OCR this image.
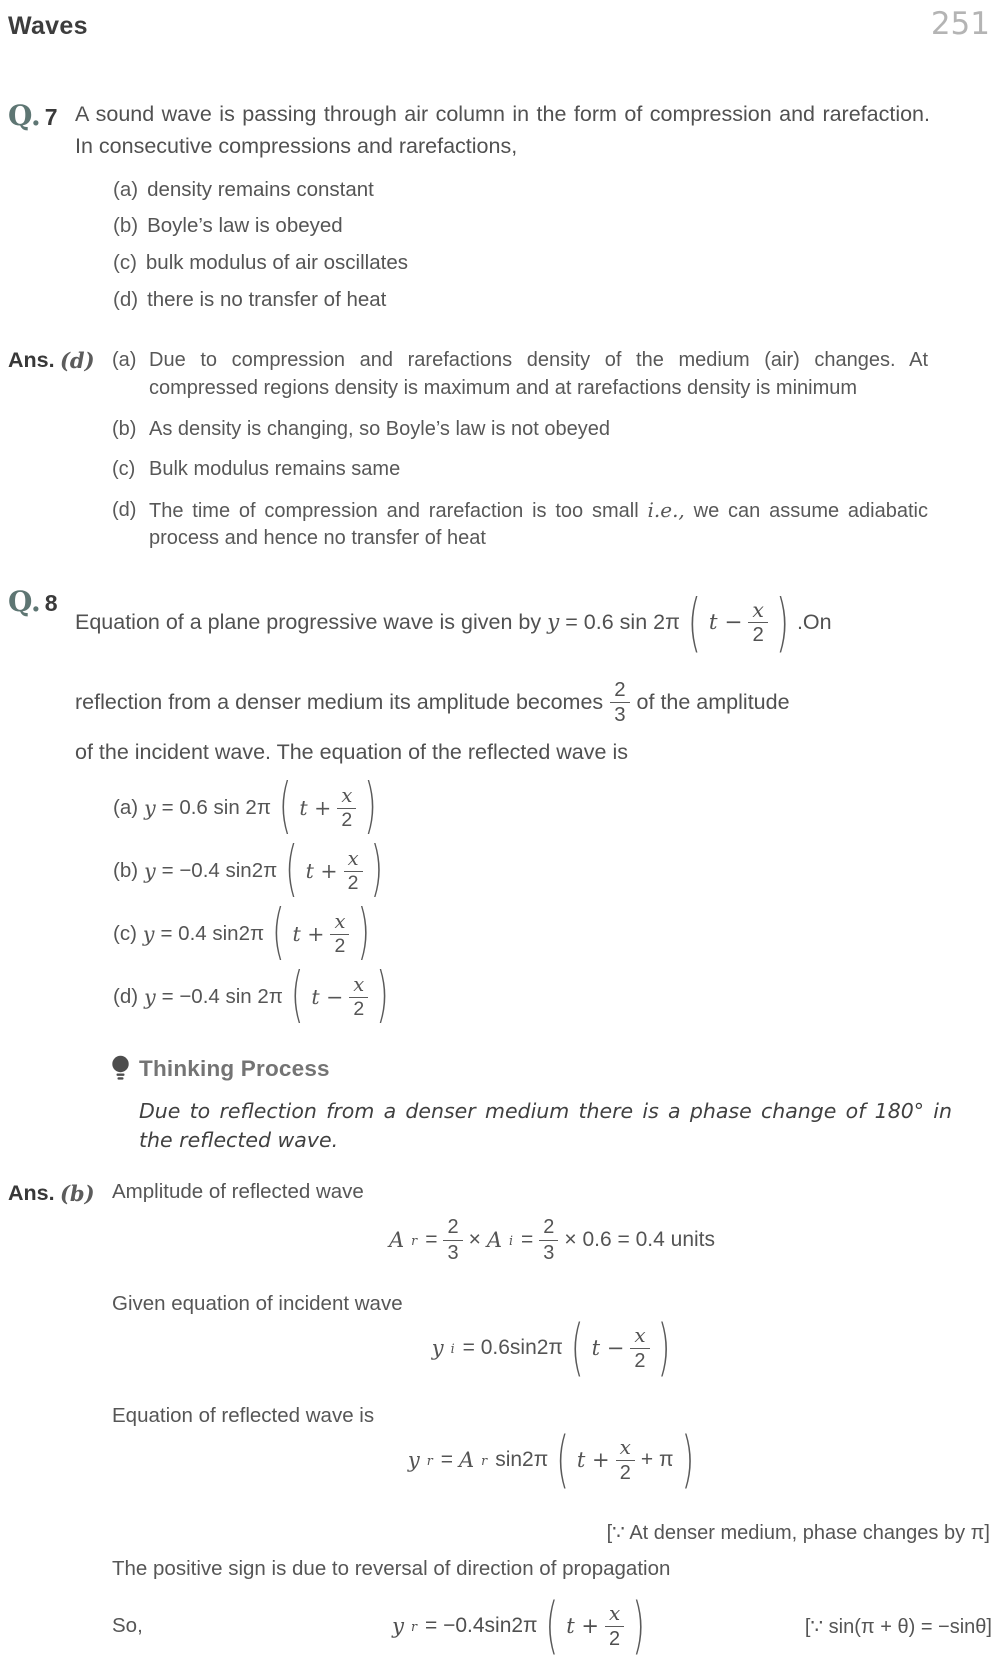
Waves	251
Q. 7 A sound wave is passing through air column in the form of compression and rarefaction. In consecutive compressions and rarefactions,
(a) density remains constant
(b) Boyle’s law is obeyed
(c) bulk modulus of air oscillates
(d) there is no transfer of heat
Ans. (d) (a) Due to compression and rarefactions density of the medium (air) changes. At compressed regions density is maximum and at rarefactions density is minimum
(b) As density is changing, so Boyle’s law is not obeyed
(c) Bulk modulus remains same
(d) The time of compression and rarefaction is too small i.e., we can assume adiabatic process and hence no transfer of heat
Q. 8
Equation of a plane progressive wave is given by y = 0.6 sin 2π ( $t - \frac{x}{2}$ ) .On
reflection from a denser medium its amplitude becomes $\frac{2}{3}$ of the amplitude
of the incident wave. The equation of the reflected wave is
(a) y = 0.6 sin 2π ( $t + \frac{x}{2}$ )
(b) y = −0.4 sin2π ( $t + \frac{x}{2}$ )
(c) y = 0.4 sin2π ( $t + \frac{x}{2}$ )
(d) y = −0.4 sin 2π ( $t - \frac{x}{2}$ )
Thinking Process
Due to reflection from a denser medium there is a phase change of 180° in the reflected wave.
Ans. (b) Amplitude of reflected wave
A $r = \frac{2}{3} \times A$ $i = \frac{2}{3} \times 0.6 = 0.4$ units
Given equation of incident wave
y i = 0.6sin2π ( $t - \frac{x}{2}$ )
Equation of reflected wave is
y r = A r sin2π ( $t + \frac{x}{2} + \pi$ )
[∵ At denser medium, phase changes by π]
The positive sign is due to reversal of direction of propagation
So,	y r = −0.4sin2π ( $t + \frac{x}{2}$ )	[∵ sin(π + θ) = −sinθ]
